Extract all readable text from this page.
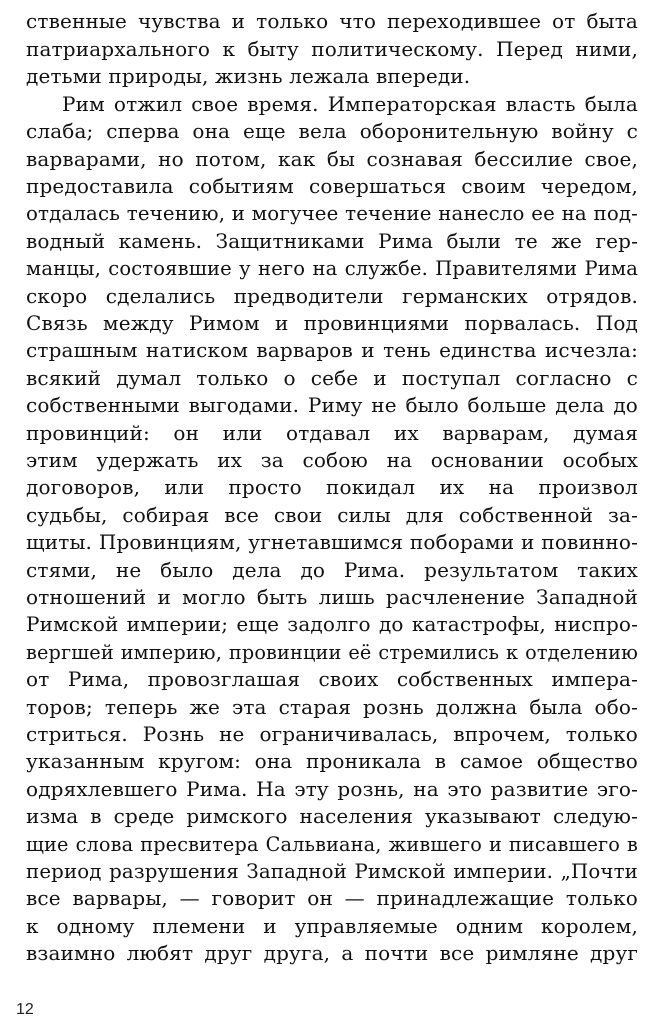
ственные чувства и только что переходившее от быта
патриархального к быту политическому. Перед ними,
детьми природы, жизнь лежала впереди.
Рим отжил свое время. Императорская власть была
слаба; сперва она еще вела оборонительную войну с
варварами, но потом, как бы сознавая бессилие свое,
предоставила событиям совершаться своим чередом,
отдалась течению, и могучее течение нанесло ее на под-
водный камень. Защитниками Рима были те же гер-
манцы, состоявшие у него на службе. Правителями Рима
скоро сделались предводители германских отрядов.
Связь между Римом и провинциями порвалась. Под
страшным натиском варваров и тень единства исчезла:
всякий думал только о себе и поступал согласно с
собственными выгодами. Риму не было больше дела до
провинций: он или отдавал их варварам, думая
этим удержать их за собою на основании особых
договоров, или просто покидал их на произвол
судьбы, собирая все свои силы для собственной за-
щиты. Провинциям, угнетавшимся поборами и повинно-
стями, не было дела до Рима. результатом таких
отношений и могло быть лишь расчленение Западной
Римской империи; еще задолго до катастрофы, ниспро-
вергшей империю, провинции её стремились к отделению
от Рима, провозглашая своих собственных импера-
торов; теперь же эта старая рознь должна была обо-
стриться. Рознь не ограничивалась, впрочем, только
указанным кругом: она проникала в самое общество
одряхлевшего Рима. На эту рознь, на это развитие эго-
изма в среде римского населения указывают следую-
щие слова пресвитера Сальвиана, жившего и писавшего в
период разрушения Западной Римской империи. „Почти
все варвары, — говорит он — принадлежащие только
к одному племени и управляемые одним королем,
взаимно любят друг друга, а почти все римляне друг
12
